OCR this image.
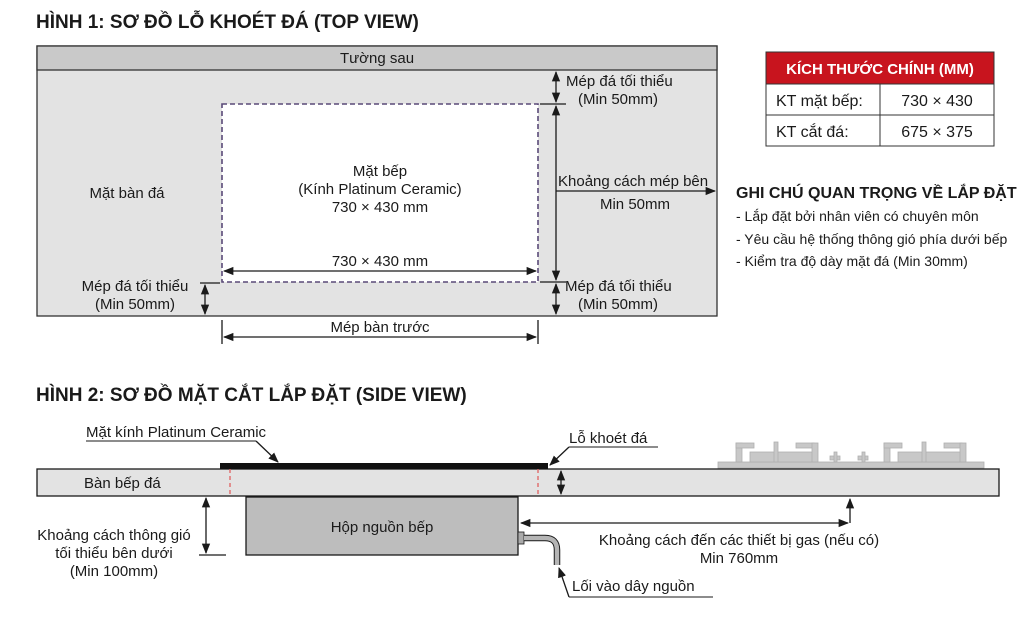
HÌNH 1: SƠ ĐỒ LỖ KHOÉT ĐÁ (TOP VIEW)
Tường sau
Mặt bàn đá
Mặt bếp
(Kính Platinum Ceramic)
730 × 430 mm
730 × 430 mm
Mép đá tối thiểu
(Min 50mm)
Khoảng cách mép bên
Min 50mm
Mép đá tối thiểu
(Min 50mm)
Mép đá tối thiểu
(Min 50mm)
Mép bàn trước
KÍCH THƯỚC CHÍNH (MM)
KT mặt bếp: 730 × 430
KT cắt đá:	675 × 375
GHI CHÚ QUAN TRỌNG VỀ LẮP ĐẶT
- Lắp đặt bởi nhân viên có chuyên môn
- Yêu cầu hệ thống thông gió phía dưới bếp
- Kiểm tra độ dày mặt đá (Min 30mm)
HÌNH 2: SƠ ĐỒ MẶT CẮT LẮP ĐẶT (SIDE VIEW)
Bàn bếp đá
Mặt kính Platinum Ceramic	Lỗ khoét đá
Hộp nguồn bếp
Lối vào dây nguồn
Khoảng cách thông gió
tối thiểu bên dưới
(Min 100mm)
Khoảng cách đến các thiết bị gas (nếu có)
Min 760mm
